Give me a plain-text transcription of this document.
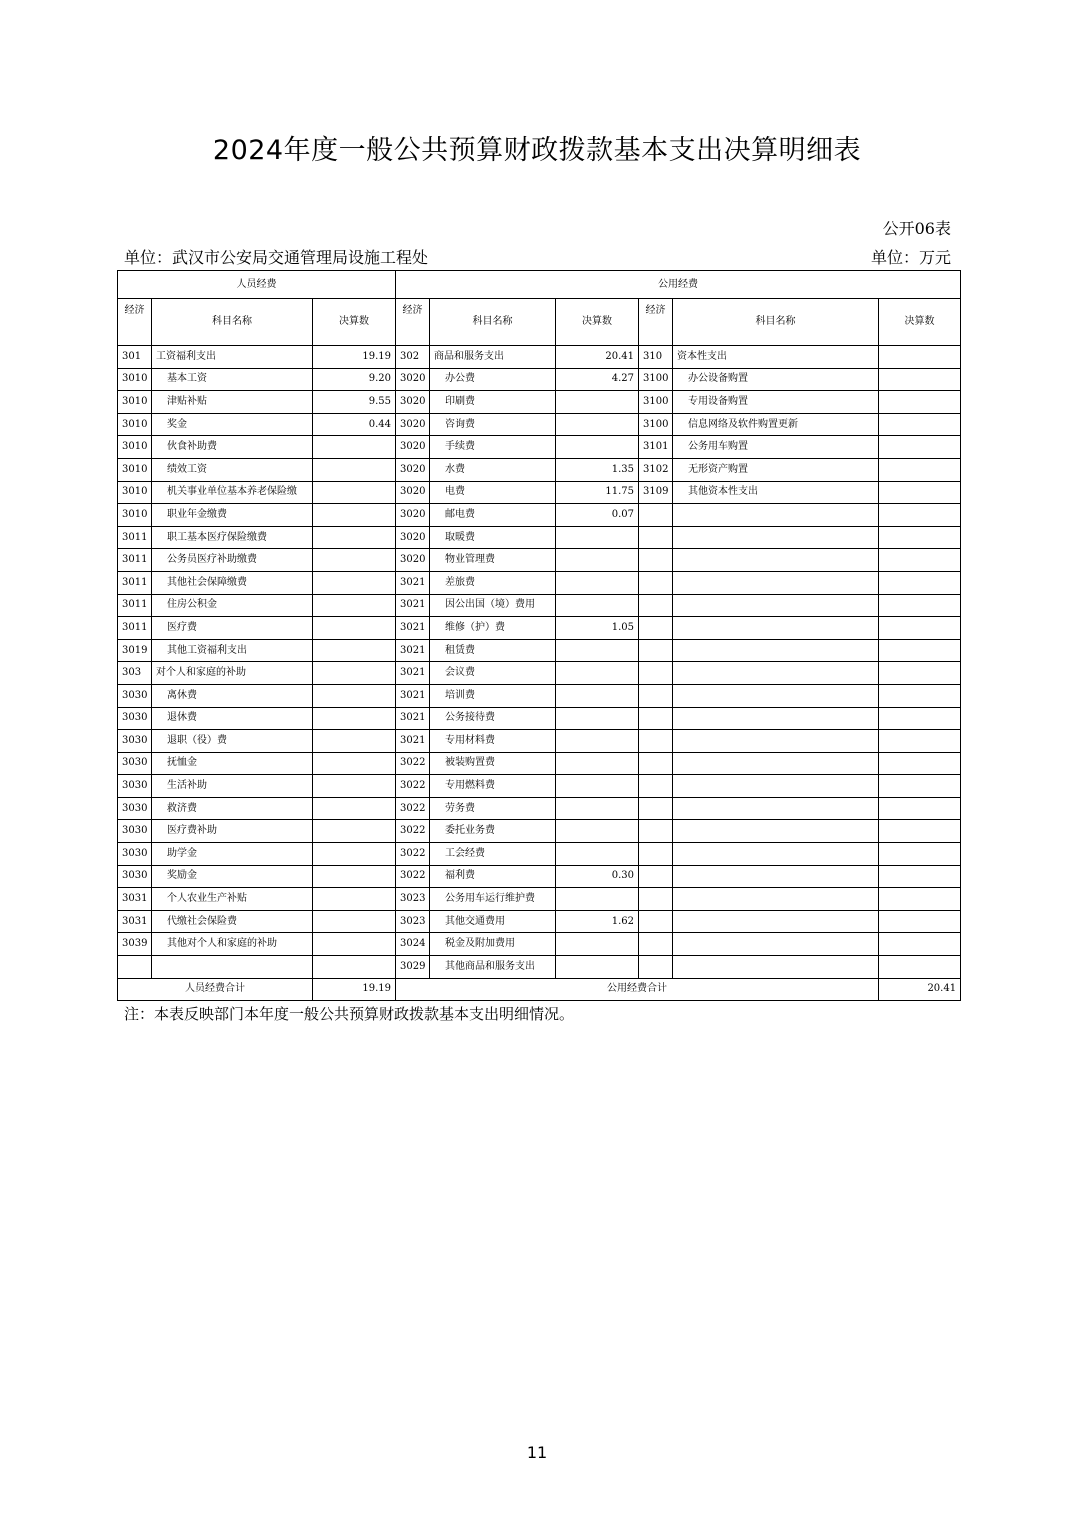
2024年度一般公共预算财政拨款基本支出决算明细表
公开06表
单位：武汉市公安局交通管理局设施工程处	单位：万元
人员经费			公用经费					
经济	科目名称	决算数	经济	科目名称	决算数	经济	科目名称	决算数
301	工资福利支出	19.19	302	商品和服务支出	20.41	310	资本性支出	
3010	基本工资	9.20	3020	办公费	4.27	3100	办公设备购置	
3010	津贴补贴	9.55	3020	印刷费		3100	专用设备购置	
3010	奖金	0.44	3020	咨询费		3100	信息网络及软件购置更新	
3010	伙食补助费		3020	手续费		3101	公务用车购置	
3010	绩效工资		3020	水费	1.35	3102	无形资产购置	
3010	机关事业单位基本养老保险缴		3020	电费	11.75	3109	其他资本性支出	
3010	职业年金缴费		3020	邮电费	0.07			
3011	职工基本医疗保险缴费		3020	取暖费				
3011	公务员医疗补助缴费		3020	物业管理费				
3011	其他社会保障缴费		3021	差旅费				
3011	住房公积金		3021	因公出国（境）费用				
3011	医疗费		3021	维修（护）费	1.05			
3019	其他工资福利支出		3021	租赁费				
303	对个人和家庭的补助		3021	会议费				
3030	离休费		3021	培训费				
3030	退休费		3021	公务接待费				
3030	退职（役）费		3021	专用材料费				
3030	抚恤金		3022	被装购置费				
3030	生活补助		3022	专用燃料费				
3030	救济费		3022	劳务费				
3030	医疗费补助		3022	委托业务费				
3030	助学金		3022	工会经费				
3030	奖励金		3022	福利费	0.30			
3031	个人农业生产补贴		3023	公务用车运行维护费				
3031	代缴社会保险费		3023	其他交通费用	1.62			
3039	其他对个人和家庭的补助		3024	税金及附加费用				
			3029	其他商品和服务支出				
人员经费合计		19.19	公用经费合计					20.41
注：本表反映部门本年度一般公共预算财政拨款基本支出明细情况。
11
